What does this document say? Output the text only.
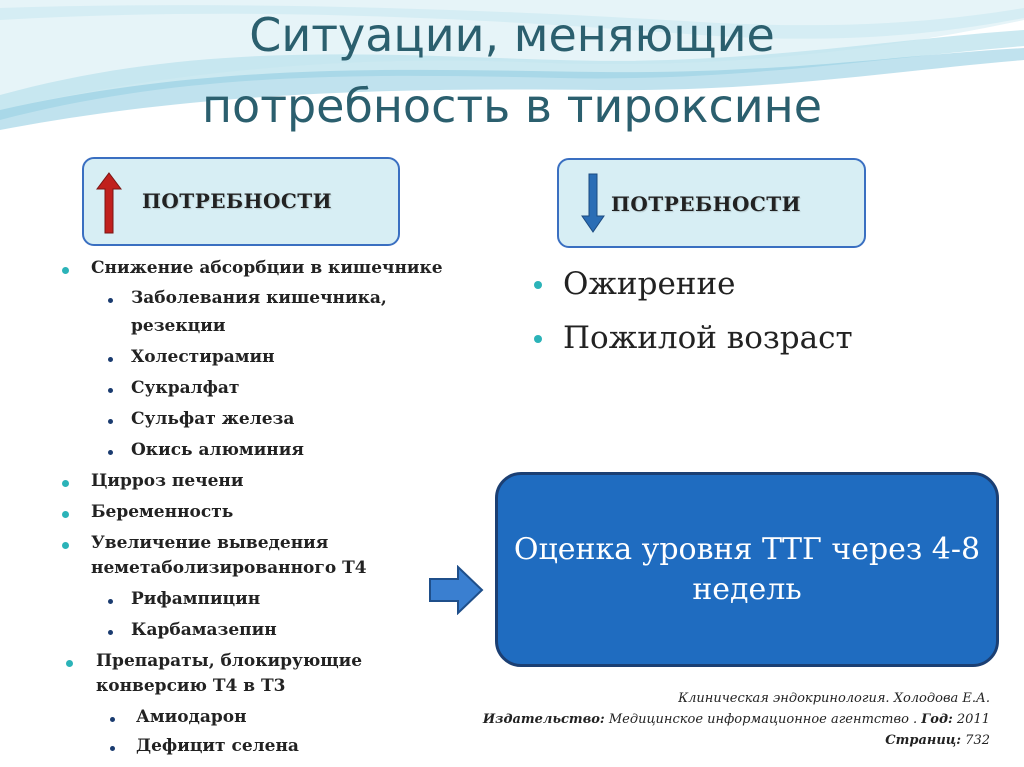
Ситуации, меняющие
потребность в тироксине
ПОТРЕБНОСТИ	ПОТРЕБНОСТИ
Снижение абсорбции в кишечнике
Заболевания кишечника,
резекции
Холестирамин
Сукралфат
Сульфат железа
Окись алюминия
Цирроз печени
Беременность
Увеличение выведения
неметаболизированного Т4
Рифампицин
Карбамазепин
Препараты, блокирующие
конверсию Т4 в Т3
Амиодарон
Дефицит селена
Ожирение
Пожилой возраст
Оценка уровня ТТГ через 4-8
недель
Клиническая эндокринология. Холодова Е.А.
Издательство: Медицинское информационное агентство . Год: 2011
Страниц: 732
